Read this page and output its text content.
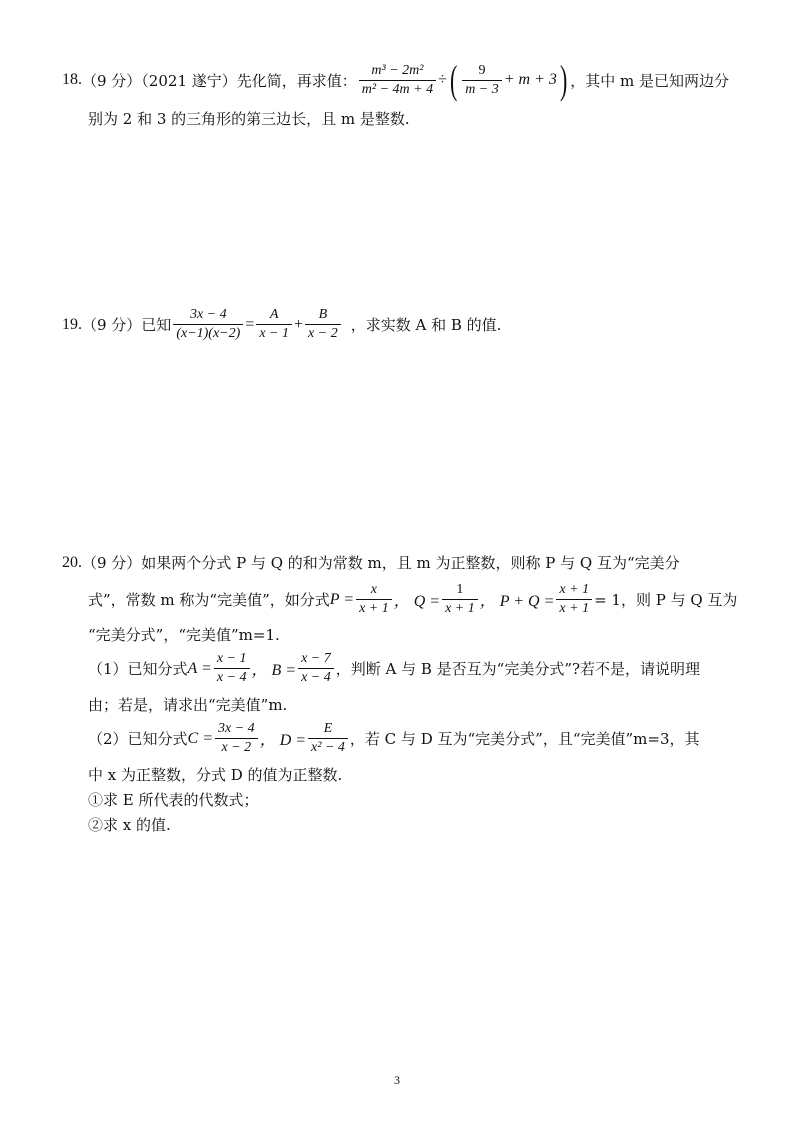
18. （9 分）（2021 遂宁）先化简，再求值： $\frac{\text{m³ − 2m²}}{\text{m² − 4m + 4}}$ ÷ ( $\frac{9}{m - 3} + m + 3$ ) ，其中 m 是已知两边分
别为 2 和 3 的三角形的第三边长，且 m 是整数.
19. （9 分）已知 $\frac{3x - 4}{(x-1)(x-2)} = \frac{A}{x - 1} + \frac{B}{x - 2}$ ，求实数 A 和 B 的值.
20. （9 分）如果两个分式 P 与 Q 的和为常数 m，且 m 为正整数，则称 P 与 Q 互为“完美分
式”，常数 m 称为“完美值”，如分式 $P = \frac{x}{x + 1}$ ， $Q = \frac{1}{x + 1}$ ， $P + Q = \frac{x + 1}{x + 1} = 1$，则 P 与 Q 互为
“完美分式”，“完美值”m=1.
（1）已知分式 $A = \frac{x - 1}{x - 4}$ ， $B = \frac{x - 7}{x - 4}$ ，判断 A 与 B 是否互为“完美分式”?若不是，请说明理
由；若是，请求出“完美值”m.
（2）已知分式 $C = \frac{3x - 4}{x - 2}$ ， $D = \frac{E}{\text{x² − 4}}$ ，若 C 与 D 互为“完美分式”，且“完美值”m=3，其
中 x 为正整数，分式 D 的值为正整数.
①求 E 所代表的代数式；
②求 x 的值.
3
